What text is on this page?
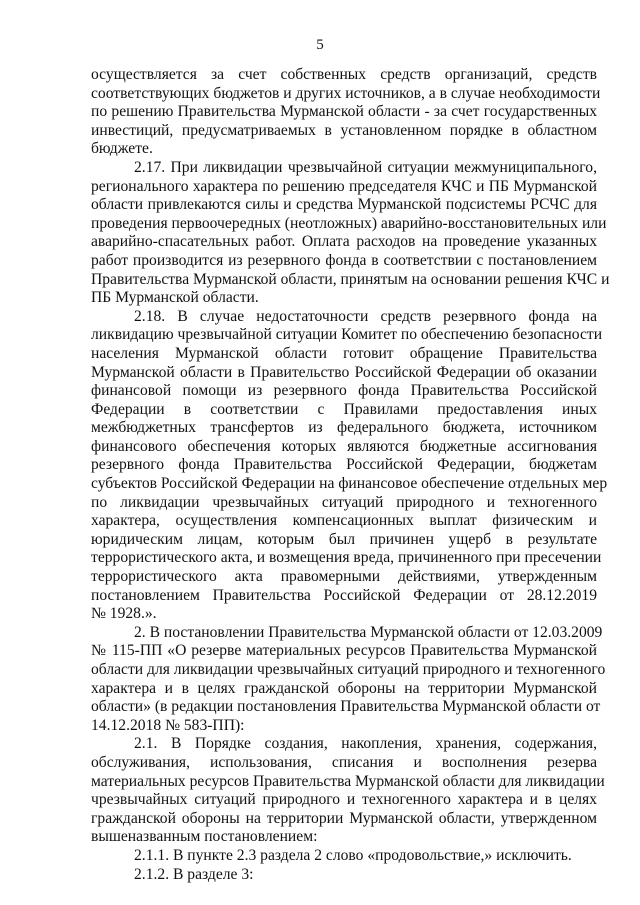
5
осуществляется за счет собственных средств организаций, средств
соответствующих бюджетов и других источников, а в случае необходимости
по решению Правительства Мурманской области - за счет государственных
инвестиций, предусматриваемых в установленном порядке в областном
бюджете.
2.17. При ликвидации чрезвычайной ситуации межмуниципального,
регионального характера по решению председателя КЧС и ПБ Мурманской
области привлекаются силы и средства Мурманской подсистемы РСЧС для
проведения первоочередных (неотложных) аварийно-восстановительных или
аварийно-спасательных работ. Оплата расходов на проведение указанных
работ производится из резервного фонда в соответствии с постановлением
Правительства Мурманской области, принятым на основании решения КЧС и
ПБ Мурманской области.
2.18. В случае недостаточности средств резервного фонда на
ликвидацию чрезвычайной ситуации Комитет по обеспечению безопасности
населения Мурманской области готовит обращение Правительства
Мурманской области в Правительство Российской Федерации об оказании
финансовой помощи из резервного фонда Правительства Российской
Федерации в соответствии с Правилами предоставления иных
межбюджетных трансфертов из федерального бюджета, источником
финансового обеспечения которых являются бюджетные ассигнования
резервного фонда Правительства Российской Федерации, бюджетам
субъектов Российской Федерации на финансовое обеспечение отдельных мер
по ликвидации чрезвычайных ситуаций природного и техногенного
характера, осуществления компенсационных выплат физическим и
юридическим лицам, которым был причинен ущерб в результате
террористического акта, и возмещения вреда, причиненного при пресечении
террористического акта правомерными действиями, утвержденным
постановлением Правительства Российской Федерации от 28.12.2019
№ 1928.».
2. В постановлении Правительства Мурманской области от 12.03.2009
№ 115-ПП «О резерве материальных ресурсов Правительства Мурманской
области для ликвидации чрезвычайных ситуаций природного и техногенного
характера и в целях гражданской обороны на территории Мурманской
области» (в редакции постановления Правительства Мурманской области от
14.12.2018 № 583-ПП):
2.1. В Порядке создания, накопления, хранения, содержания,
обслуживания, использования, списания и восполнения резерва
материальных ресурсов Правительства Мурманской области для ликвидации
чрезвычайных ситуаций природного и техногенного характера и в целях
гражданской обороны на территории Мурманской области, утвержденном
вышеназванным постановлением:
2.1.1. В пункте 2.3 раздела 2 слово «продовольствие,» исключить.
2.1.2. В разделе 3:
